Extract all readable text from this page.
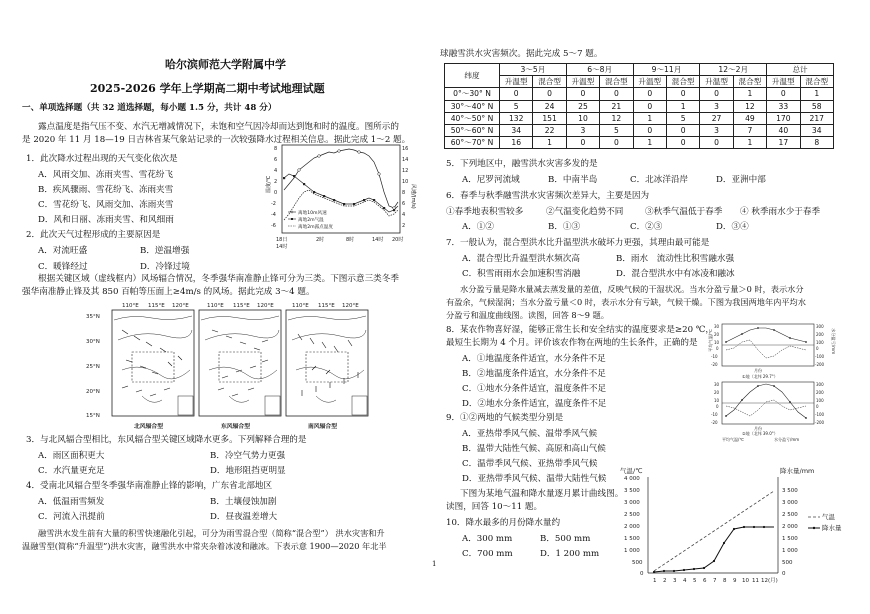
哈尔滨师范大学附属中学
2025-2026 学年上学期高二期中考试地理试题
一、单项选择题（共 32 道选择题，每小题 1.5 分，共计 48 分）
露点温度是指气压不变、水汽无增减情况下，未饱和空气因冷却而达到饱和时的温度。图所示的
是 2020 年 11 月 18—19 日吉林省某气象站记录的一次较强降水过程相关信息。据此完成 1～2 题。
1．此次降水过程出现的天气变化依次是
A．风雨交加、冻雨夹雪、雪花纷飞
B．疾风骤雨、雪花纷飞、冻雨夹雪
C．雪花纷飞、风雨交加、冻雨夹雪
D．风和日丽、冻雨夹雪、和风细雨
2．此次天气过程形成的主要原因是
A．对流旺盛	B．逆温增强
C．暖锋经过	D．冷锋过境
温度/℃	风速/(m/s)
8
6
4
2
0
-2
-4
-6
16
14
12
10
8
6
4
2
18日
14时
2时	8时	14时 20时
离地10m风速
离地2m气温
离地2m露点温度
根据关键区域（虚线框内）风场辐合情况，冬季强华南准静止锋可分为三类。下图示意三类冬季
强华南准静止锋及其 850 百帕等压面上≥4m/s 的风场。据此完成 3～4 题。
110°E 115°E 120°E	110°E 115°E 120°E	110°E 115°E 120°E
35°N
30°N
25°N
20°N
15°N
北风辐合型	东风辐合型	南风辐合型
3．与北风辐合型相比，东风辐合型关键区域降水更多。下列解释合理的是
A．雨区面积更大	B．冷空气势力更强
C．水汽量更充足	D．地形阻挡更明显
4．受南北风辐合型冬季强华南准静止锋的影响，广东省北部地区
A．低温雨雪频发	B．土壤侵蚀加剧
C．河流入汛提前	D．昼夜温差增大
融雪洪水发生前有大量的积雪快速融化引起，可分为雨雪混合型（简称“混合型”） 洪水灾害和升
温融雪型(简称“升温型”)洪水灾害，融雪洪水中常夹杂着冰凌和融冰。下表示意 1900—2020 年北半
球融雪洪水灾害频次。据此完成 5～7 题。
纬度	3～5月		6～8月		9～11月		12～2月		总计	
	升温型	混合型	升温型	混合型	升温型	混合型	升温型	混合型	升温型	混合型
0°～30° N	0	0	0	0	0	0	0	1	0	1
30°～40° N	5	24	25	21	0	1	3	12	33	58
40°～50° N	132	151	10	12	1	5	27	49	170	217
50°～60° N	34	22	3	5	0	0	3	7	40	34
60°～70° N	16	1	0	0	1	0	0	1	17	8
5．下列地区中，融雪洪水灾害多发的是
A．尼罗河流域	B．中南半岛	C．北冰洋沿岸	D．亚洲中部
6．春季与秋季融雪洪水灾害频次差异大，主要是因为
①春季地表积雪较多	②气温变化趋势不同	③秋季气温低于春季 ④ 秋季雨水少于春季
A．①②	B．①③	C．②③	D．③④
7．一般认为，混合型洪水比升温型洪水破坏力更强，其理由最可能是
A．混合型比升温型洪水频次高	B．雨水　流动性比积雪融水强
C．积雪雨雨水会加速积雪消融	D．混合型洪水中有冰凌和融冰
水分盈亏量是降水量减去蒸发量的差值，反映气候的干湿状况。当水分盈亏量＞0 时，表示水分
有盈余，气候湿润；当水分盈亏量＜0 时，表示水分有亏缺，气候干燥。下图为我国两地年内平均水
分盈亏和温度曲线图。读图，回答 8～9 题。
8．某农作物喜好湿，能够正常生长和安全结实的温度要求是≥20 ℃，
最短生长期为 4 个月。评价该农作物在两地的生长条件，正确的是
A．①地温度条件适宜，水分条件不足
B．②地温度条件适宜，水分条件不足
C．①地水分条件适宜，温度条件不足
D．②地水分条件适宜，温度条件不足
9．①②两地的气候类型分别是
A．亚热带季风气候、温带季风气候
B．温带大陆性气候、高原和高山气候
C．温带季风气候、亚热带季风气候
D．亚热带季风气候、温带大陆性气候
平均气温/℃	水分盈亏/mm
30
20
10
0
-10
-20
300
200
100
0
-100
-200
月份
①地（北纬 29.7°）
30
20
10
0
-10
-20
300
200
100
0
-100
-200
月份
②地（北纬 39.0°）
平均气温/℃	水分盈亏/mm
下图为某地气温和降水量逐月累计曲线图。
读图，回答 10～11 题。
10．降水最多的月份降水量约
A．300 mm	B．500 mm
C．700 mm	D．1 200 mm
气温/℃	降水量/mm
4 000
3 500
3 000
2 500
2 000
1 500
1 000
500
0
3 500
3 000
2 500
2 000
1 500
1 000
500
0
1 2 3 4 5 6 7 8 9 10 11 12(月)
气温
降水量
1
